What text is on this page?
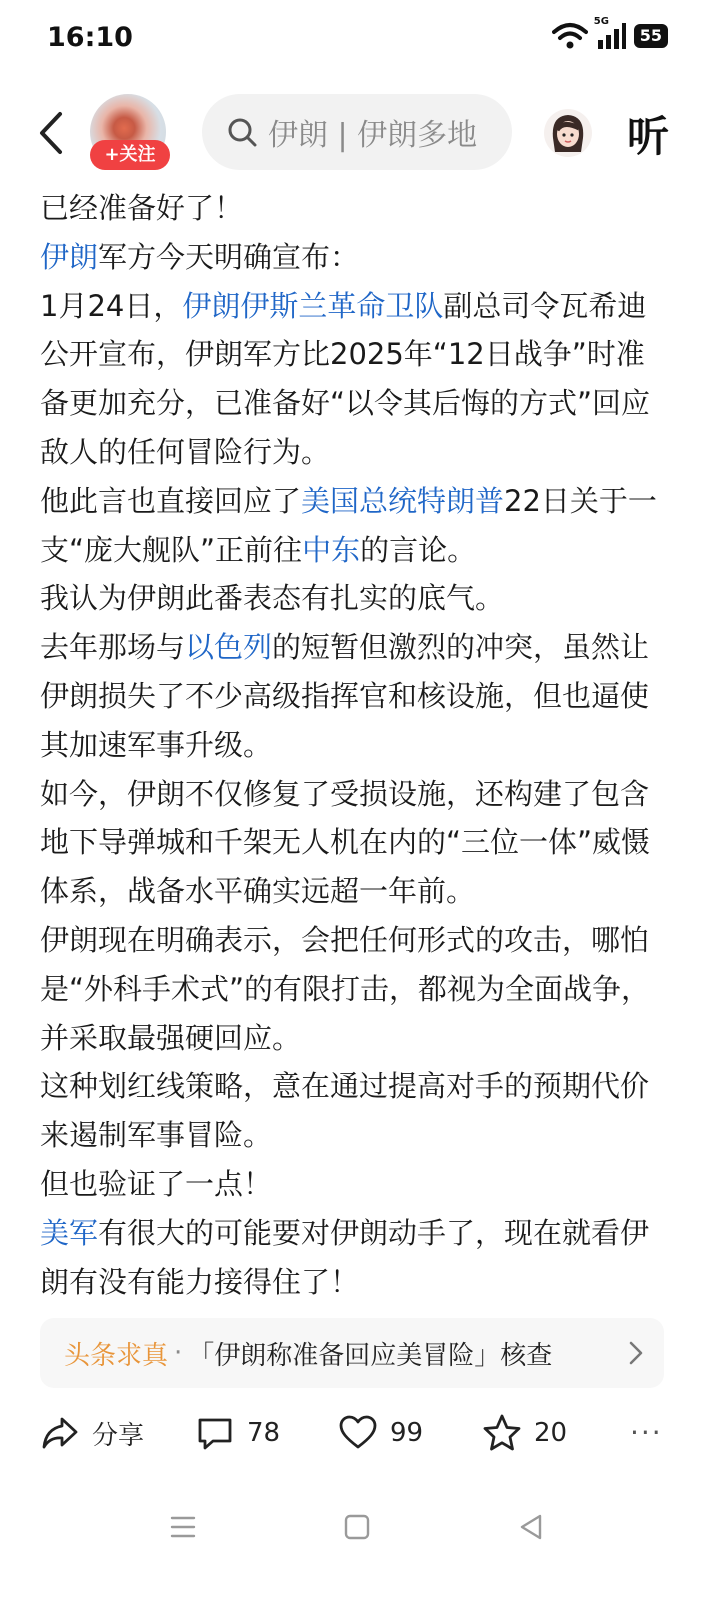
16:10
5G
55
+关注
伊朗 | 伊朗多地	听

已经准备好了！

伊朗军方今天明确宣布：

1月24日，伊朗伊斯兰革命卫队副总司令瓦希迪公开宣布，伊朗军方比2025年“12日战争”时准备更加充分，已准备好“以令其后悔的方式”回应敌人的任何冒险行为。

他此言也直接回应了美国总统特朗普22日关于一支“庞大舰队”正前往中东的言论。

我认为伊朗此番表态有扎实的底气。

去年那场与以色列的短暂但激烈的冲突，虽然让伊朗损失了不少高级指挥官和核设施，但也逼使其加速军事升级。

如今，伊朗不仅修复了受损设施，还构建了包含地下导弹城和千架无人机在内的“三位一体”威慑体系，战备水平确实远超一年前。

伊朗现在明确表示，会把任何形式的攻击，哪怕是“外科手术式”的有限打击，都视为全面战争，并采取最强硬回应。

这种划红线策略，意在通过提高对手的预期代价来遏制军事冒险。

但也验证了一点！

美军有很大的可能要对伊朗动手了，现在就看伊朗有没有能力接得住了！

头条求真 · 「伊朗称准备回应美冒险」核查
分享	78	99	20 ···
